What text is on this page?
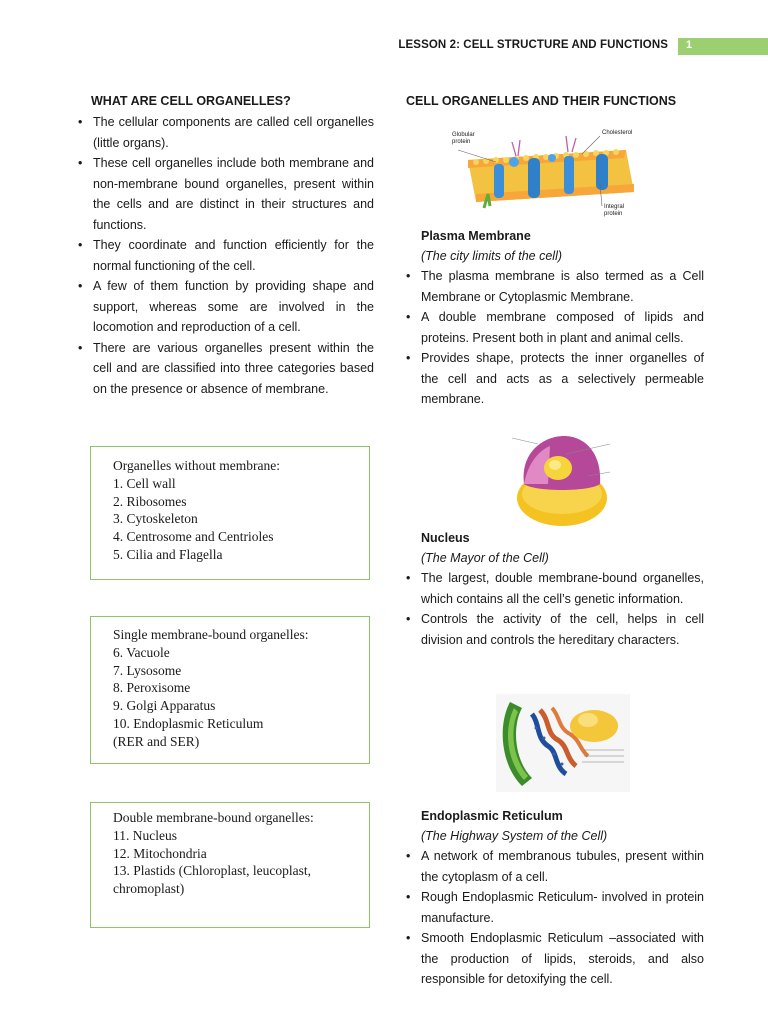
LESSON 2: CELL STRUCTURE AND FUNCTIONS 1
WHAT ARE CELL ORGANELLES?
• The cellular components are called cell organelles (little organs).
• These cell organelles include both membrane and non-membrane bound organelles, present within the cells and are distinct in their structures and functions.
• They coordinate and function efficiently for the normal functioning of the cell.
• A few of them function by providing shape and support, whereas some are involved in the locomotion and reproduction of a cell.
• There are various organelles present within the cell and are classified into three categories based on the presence or absence of membrane.
Organelles without membrane:
1. Cell wall
2. Ribosomes
3. Cytoskeleton
4. Centrosome and Centrioles
5. Cilia and Flagella
Single membrane-bound organelles:
6. Vacuole
7. Lysosome
8. Peroxisome
9. Golgi Apparatus
10. Endoplasmic Reticulum
(RER and SER)
Double membrane-bound organelles:
11. Nucleus
12. Mitochondria
13. Plastids (Chloroplast, leucoplast,
chromoplast)
CELL ORGANELLES AND THEIR FUNCTIONS
Globular protein
Cholesterol
Integral protein
Plasma Membrane
(The city limits of the cell)
• The plasma membrane is also termed as a Cell Membrane or Cytoplasmic Membrane.
• A double membrane composed of lipids and proteins. Present both in plant and animal cells.
• Provides shape, protects the inner organelles of the cell and acts as a selectively permeable membrane.
Nucleus
(The Mayor of the Cell)
• The largest, double membrane-bound organelles, which contains all the cell’s genetic information.
• Controls the activity of the cell, helps in cell division and controls the hereditary characters.
Endoplasmic Reticulum
(The Highway System of the Cell)
• A network of membranous tubules, present within the cytoplasm of a cell.
• Rough Endoplasmic Reticulum- involved in protein manufacture.
• Smooth Endoplasmic Reticulum –associated with the production of lipids, steroids, and also responsible for detoxifying the cell.
